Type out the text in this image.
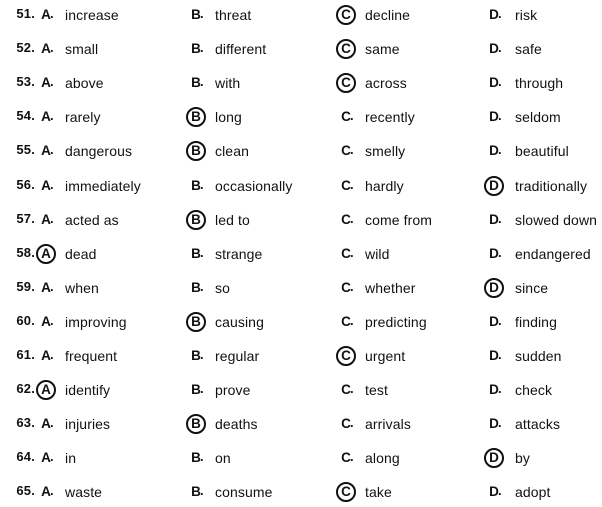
51. A . increase	B . threat	C	decline	D . risk
52. A . small	B . different	C	same	D . safe
53. A . above	B . with	C	across	D . through
54. A . rarely	B	long	C . recently	D . seldom
55. A . dangerous	B	clean	C . smelly	D . beautiful
56. A . immediately	B . occasionally	C . hardly	D	traditionally
57. A . acted as	B	led to	C . come from	D . slowed down
58. A	dead	B . strange	C . wild	D . endangered
59. A . when	B . so	C . whether	D	since
60. A . improving	B	causing	C . predicting	D . finding
61. A . frequent	B . regular	C	urgent	D . sudden
62. A	identify	B . prove	C . test	D . check
63. A . injuries	B	deaths	C . arrivals	D . attacks
64. A . in	B . on	C . along	D	by
65. A . waste	B . consume	C	take	D . adopt
